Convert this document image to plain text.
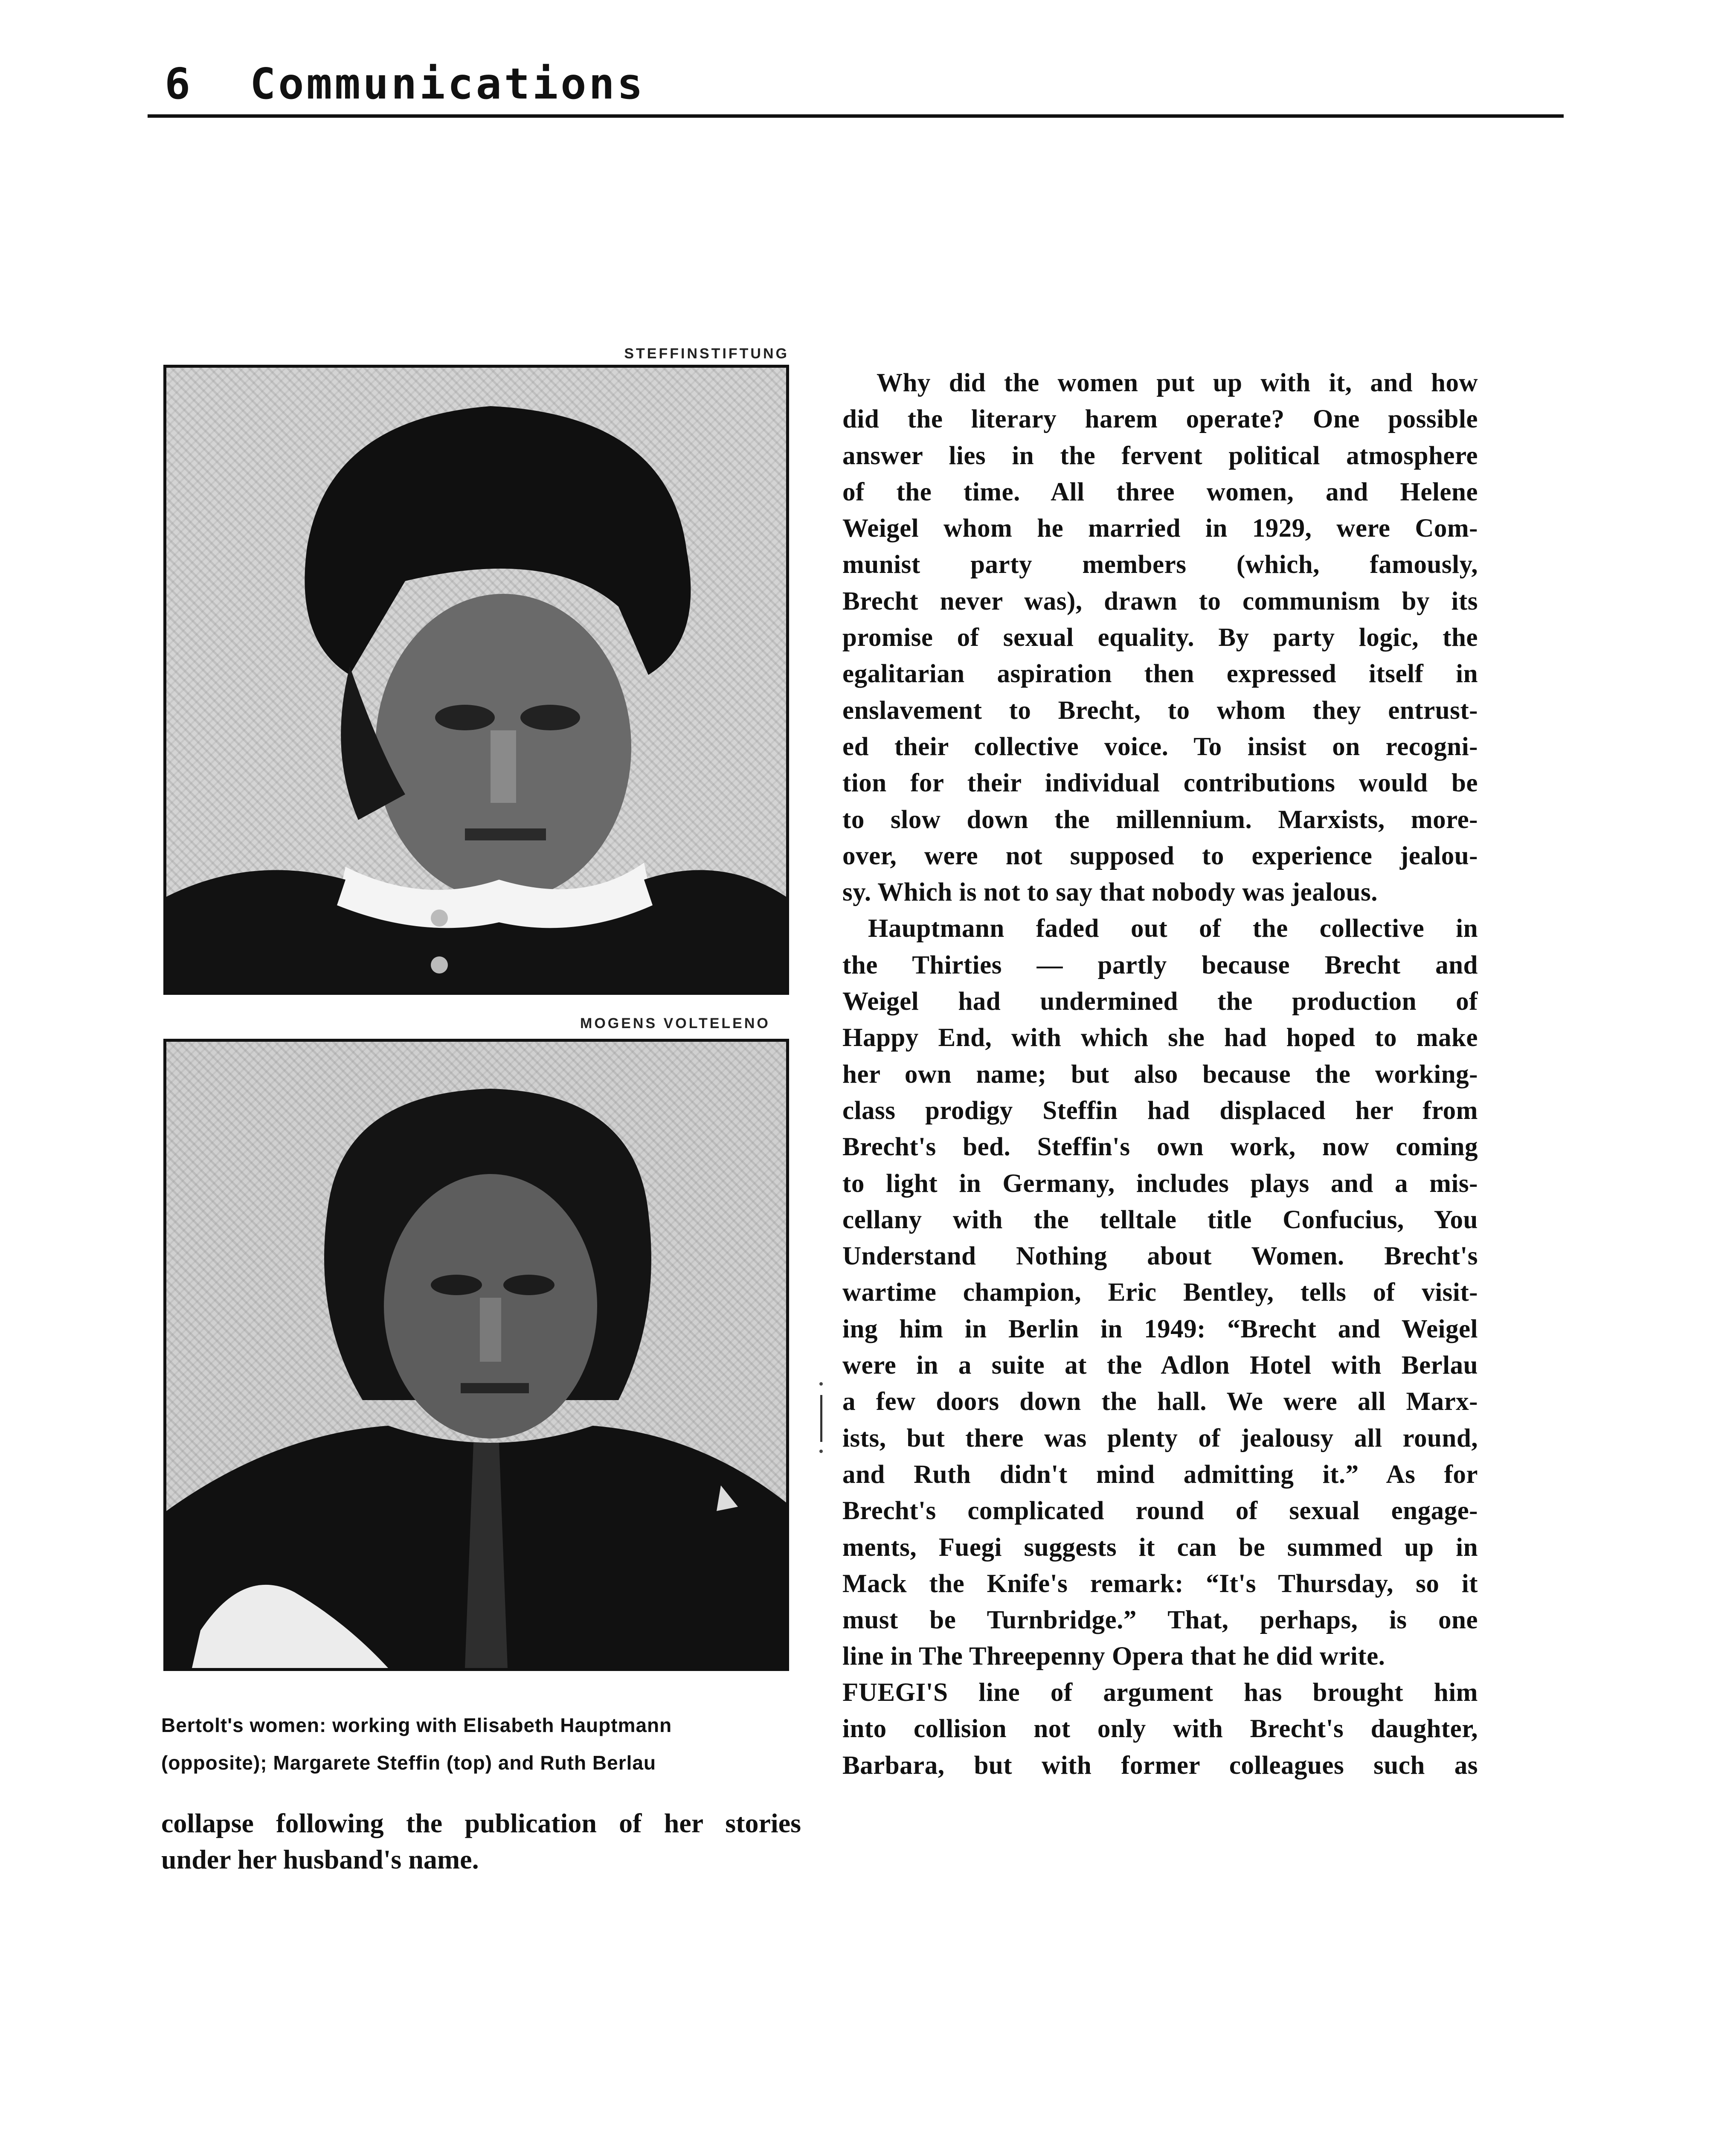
6 Communications
STEFFINSTIFTUNG
MOGENS VOLTELENO
Bertolt's women: working with Elisabeth Hauptmann
(opposite); Margarete Steffin (top) and Ruth Berlau
collapse following the publication of her stories
under her husband's name.
Why did the women put up with it, and how
did the literary harem operate? One possible
answer lies in the fervent political atmosphere
of the time. All three women, and Helene
Weigel whom he married in 1929, were Com-
munist party members (which, famously,
Brecht never was), drawn to communism by its
promise of sexual equality. By party logic, the
egalitarian aspiration then expressed itself in
enslavement to Brecht, to whom they entrust-
ed their collective voice. To insist on recogni-
tion for their individual contributions would be
to slow down the millennium. Marxists, more-
over, were not supposed to experience jealou-
sy. Which is not to say that nobody was jealous.
Hauptmann faded out of the collective in
the Thirties — partly because Brecht and
Weigel had undermined the production of
Happy End, with which she had hoped to make
her own name; but also because the working-
class prodigy Steffin had displaced her from
Brecht's bed. Steffin's own work, now coming
to light in Germany, includes plays and a mis-
cellany with the telltale title Confucius, You
Understand Nothing about Women. Brecht's
wartime champion, Eric Bentley, tells of visit-
ing him in Berlin in 1949: “Brecht and Weigel
were in a suite at the Adlon Hotel with Berlau
a few doors down the hall. We were all Marx-
ists, but there was plenty of jealousy all round,
and Ruth didn't mind admitting it.” As for
Brecht's complicated round of sexual engage-
ments, Fuegi suggests it can be summed up in
Mack the Knife's remark: “It's Thursday, so it
must be Turnbridge.” That, perhaps, is one
line in The Threepenny Opera that he did write.
FUEGI'S line of argument has brought him
into collision not only with Brecht's daughter,
Barbara, but with former colleagues such as
